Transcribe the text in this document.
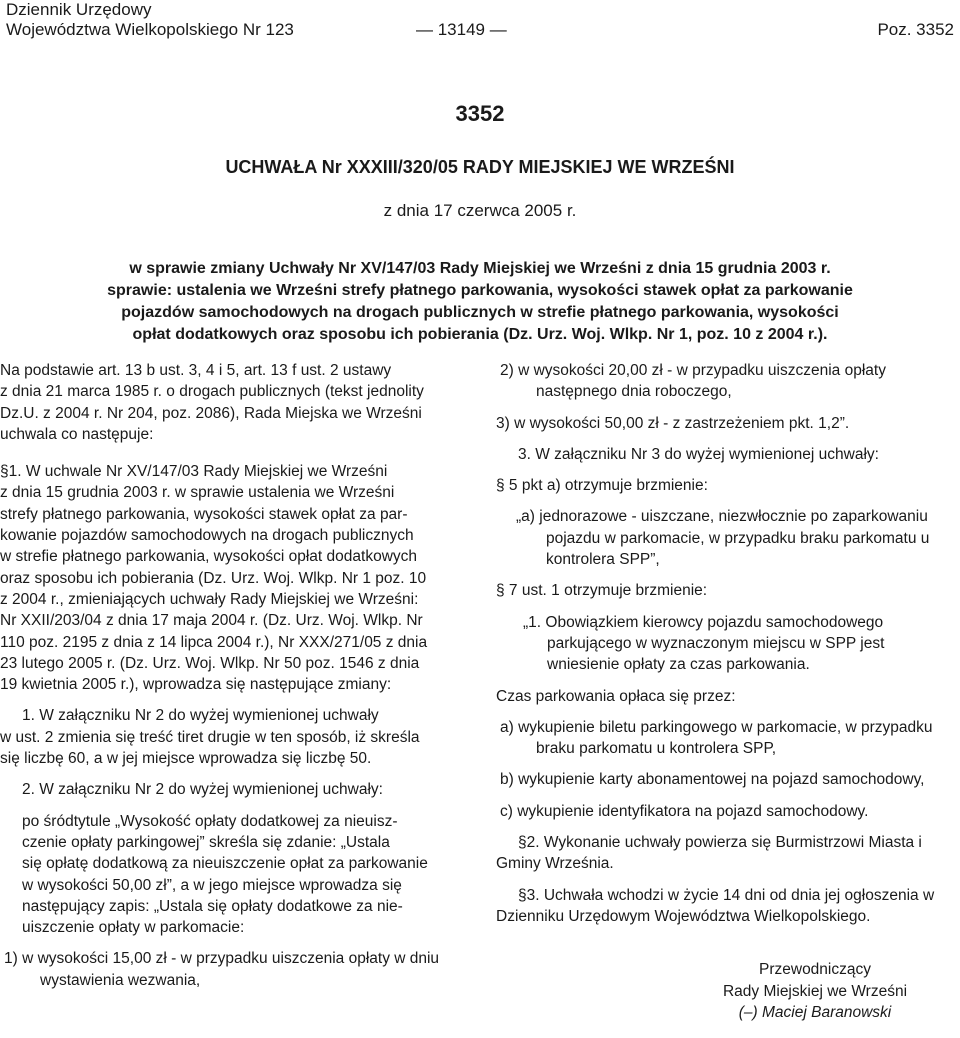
Dziennik Urzędowy
Województwa Wielkopolskiego Nr 123	— 13149 —	Poz. 3352
3352
UCHWAŁA Nr XXXIII/320/05 RADY MIEJSKIEJ WE WRZEŚNI
z dnia 17 czerwca 2005 r.
w sprawie zmiany Uchwały Nr XV/147/03 Rady Miejskiej we Wrześni z dnia 15 grudnia 2003 r.
sprawie: ustalenia we Wrześni strefy płatnego parkowania, wysokości stawek opłat za parkowanie
pojazdów samochodowych na drogach publicznych w strefie płatnego parkowania, wysokości
opłat dodatkowych oraz sposobu ich pobierania (Dz. Urz. Woj. Wlkp. Nr 1, poz. 10 z 2004 r.).
Na podstawie art. 13 b ust. 3, 4 i 5, art. 13 f ust. 2 ustawy
z dnia 21 marca 1985 r. o drogach publicznych (tekst jednolity
Dz.U. z 2004 r. Nr 204, poz. 2086), Rada Miejska we Wrześni
uchwala co następuje:
§1. W uchwale Nr XV/147/03 Rady Miejskiej we Wrześni
z dnia 15 grudnia 2003 r. w sprawie ustalenia we Wrześni
strefy płatnego parkowania, wysokości stawek opłat za par-
kowanie pojazdów samochodowych na drogach publicznych
w strefie płatnego parkowania, wysokości opłat dodatkowych
oraz sposobu ich pobierania (Dz. Urz. Woj. Wlkp. Nr 1 poz. 10
z 2004 r., zmieniających uchwały Rady Miejskiej we Wrześni:
Nr XXII/203/04 z dnia 17 maja 2004 r. (Dz. Urz. Woj. Wlkp. Nr
110 poz. 2195 z dnia z 14 lipca 2004 r.), Nr XXX/271/05 z dnia
23 lutego 2005 r. (Dz. Urz. Woj. Wlkp. Nr 50 poz. 1546 z dnia
19 kwietnia 2005 r.), wprowadza się następujące zmiany:
1. W załączniku Nr 2 do wyżej wymienionej uchwały
w ust. 2 zmienia się treść tiret drugie w ten sposób, iż skreśla
się liczbę 60, a w jej miejsce wprowadza się liczbę 50.
2. W załączniku Nr 2 do wyżej wymienionej uchwały:
po śródtytule „Wysokość opłaty dodatkowej za nieuisz-
czenie opłaty parkingowej” skreśla się zdanie: „Ustala
się opłatę dodatkową za nieuiszczenie opłat za parkowanie
w wysokości 50,00 zł”, a w jego miejsce wprowadza się
następujący zapis: „Ustala się opłaty dodatkowe za nie-
uiszczenie opłaty w parkomacie:

1) w wysokości 15,00 zł - w przypadku uiszczenia opłaty w dniu wystawienia wezwania,

2) w wysokości 20,00 zł - w przypadku uiszczenia opłaty następnego dnia roboczego,

3) w wysokości 50,00 zł - z zastrzeżeniem pkt. 1,2”.

3. W załączniku Nr 3 do wyżej wymienionej uchwały:

§ 5 pkt a) otrzymuje brzmienie:

„a) jednorazowe - uiszczane, niezwłocznie po zaparkowaniu pojazdu w parkomacie, w przypadku braku parkomatu u kontrolera SPP”,

§ 7 ust. 1 otrzymuje brzmienie:

„1. Obowiązkiem kierowcy pojazdu samochodowego parkującego w wyznaczonym miejscu w SPP jest wniesienie opłaty za czas parkowania.

Czas parkowania opłaca się przez:

a) wykupienie biletu parkingowego w parkomacie, w przypadku braku parkomatu u kontrolera SPP,

b) wykupienie karty abonamentowej na pojazd samochodowy,

c) wykupienie identyfikatora na pojazd samochodowy.

§2. Wykonanie uchwały powierza się Burmistrzowi Miasta i Gminy Września.

§3. Uchwała wchodzi w życie 14 dni od dnia jej ogłoszenia w Dzienniku Urzędowym Województwa Wielkopolskiego.

Przewodniczący
Rady Miejskiej we Wrześni
(–) Maciej Baranowski
